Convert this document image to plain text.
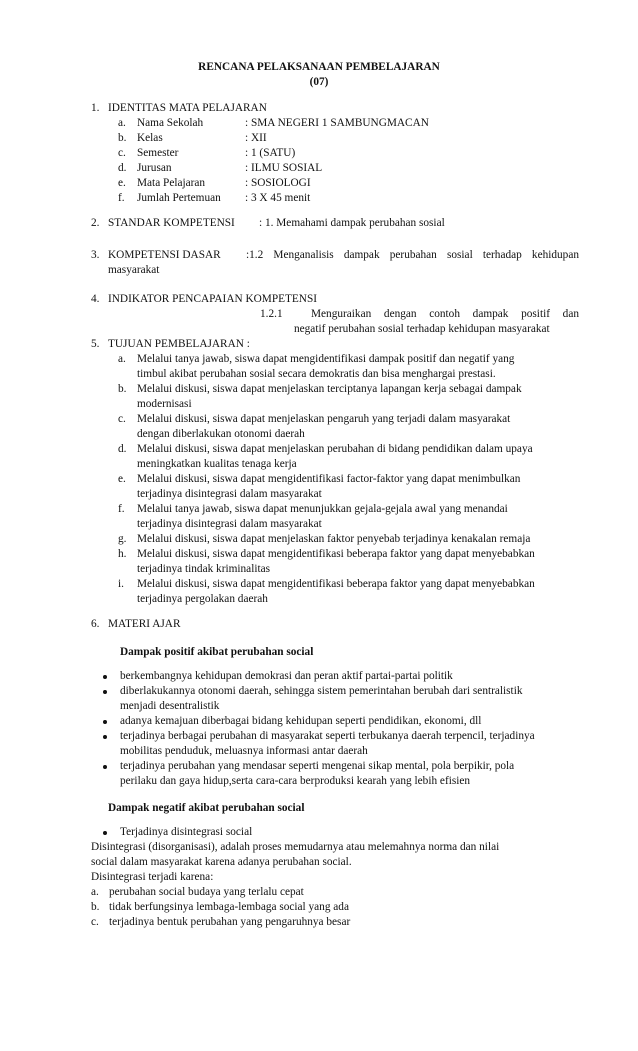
RENCANA PELAKSANAAN PEMBELAJARAN
(07)
1. IDENTITAS MATA PELAJARAN
a. Nama Sekolah	: SMA NEGERI 1 SAMBUNGMACAN
b. Kelas	: XII
c. Semester	: 1 (SATU)
d. Jurusan	: ILMU SOSIAL
e. Mata Pelajaran	: SOSIOLOGI
f. Jumlah Pertemuan : 3 X 45 menit
2. STANDAR KOMPETENSI : 1. Memahami dampak perubahan sosial
3. KOMPETENSI DASAR :1.2 Menganalisis dampak perubahan sosial terhadap kehidupan
masyarakat
4. INDIKATOR PENCAPAIAN KOMPETENSI
1.2.1	Menguraikan dengan contoh dampak positif dan
negatif perubahan sosial terhadap kehidupan masyarakat
5. TUJUAN PEMBELAJARAN :
a. Melalui tanya jawab, siswa dapat mengidentifikasi dampak positif dan negatif yang
timbul akibat perubahan sosial secara demokratis dan bisa menghargai prestasi.
b. Melalui diskusi, siswa dapat menjelaskan terciptanya lapangan kerja sebagai dampak
modernisasi
c. Melalui diskusi, siswa dapat menjelaskan pengaruh yang terjadi dalam masyarakat
dengan diberlakukan otonomi daerah
d. Melalui diskusi, siswa dapat menjelaskan perubahan di bidang pendidikan dalam upaya
meningkatkan kualitas tenaga kerja
e. Melalui diskusi, siswa dapat mengidentifikasi factor-faktor yang dapat menimbulkan
terjadinya disintegrasi dalam masyarakat
f. Melalui tanya jawab, siswa dapat menunjukkan gejala-gejala awal yang menandai
terjadinya disintegrasi dalam masyarakat
g. Melalui diskusi, siswa dapat menjelaskan faktor penyebab terjadinya kenakalan remaja
h. Melalui diskusi, siswa dapat mengidentifikasi beberapa faktor yang dapat menyebabkan
terjadinya tindak kriminalitas
i. Melalui diskusi, siswa dapat mengidentifikasi beberapa faktor yang dapat menyebabkan
terjadinya pergolakan daerah
6. MATERI AJAR
Dampak positif akibat perubahan social
berkembangnya kehidupan demokrasi dan peran aktif partai-partai politik
diberlakukannya otonomi daerah, sehingga sistem pemerintahan berubah dari sentralistik
menjadi desentralistik
adanya kemajuan diberbagai bidang kehidupan seperti pendidikan, ekonomi, dll
terjadinya berbagai perubahan di masyarakat seperti terbukanya daerah terpencil, terjadinya
mobilitas penduduk, meluasnya informasi antar daerah
terjadinya perubahan yang mendasar seperti mengenai sikap mental, pola berpikir, pola
perilaku dan gaya hidup,serta cara-cara berproduksi kearah yang lebih efisien
Dampak negatif akibat perubahan social
Terjadinya disintegrasi social
Disintegrasi (disorganisasi), adalah proses memudarnya atau melemahnya norma dan nilai
social dalam masyarakat karena adanya perubahan social.
Disintegrasi terjadi karena:
a. perubahan social budaya yang terlalu cepat
b. tidak berfungsinya lembaga-lembaga social yang ada
c. terjadinya bentuk perubahan yang pengaruhnya besar
